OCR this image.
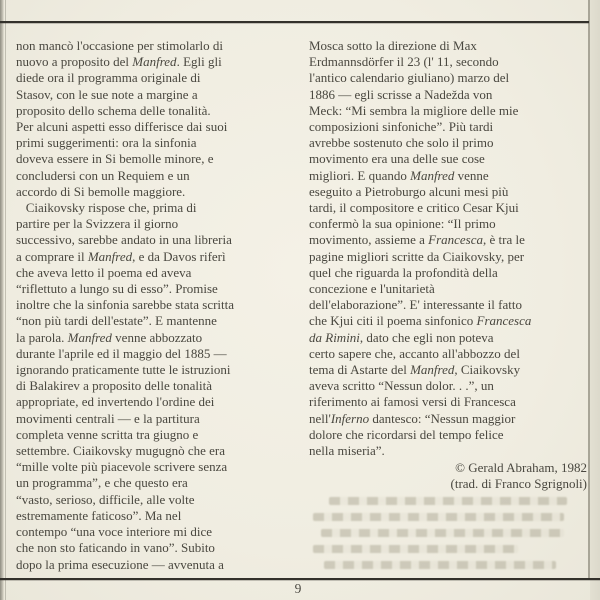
non mancò l'occasione per stimolarlo di
nuovo a proposito del Manfred. Egli gli
diede ora il programma originale di
Stasov, con le sue note a margine a
proposito dello schema delle tonalità.
Per alcuni aspetti esso differisce dai suoi
primi suggerimenti: ora la sinfonia
doveva essere in Si bemolle minore, e
concludersi con un Requiem e un
accordo di Si bemolle maggiore.
Ciaikovsky rispose che, prima di
partire per la Svizzera il giorno
successivo, sarebbe andato in una libreria
a comprare il Manfred, e da Davos riferì
che aveva letto il poema ed aveva
“riflettuto a lungo su di esso”. Promise
inoltre che la sinfonia sarebbe stata scritta
“non più tardi dell'estate”. E mantenne
la parola. Manfred venne abbozzato
durante l'aprile ed il maggio del 1885 —
ignorando praticamente tutte le istruzioni
di Balakirev a proposito delle tonalità
appropriate, ed invertendo l'ordine dei
movimenti centrali — e la partitura
completa venne scritta tra giugno e
settembre. Ciaikovsky mugugnò che era
“mille volte più piacevole scrivere senza
un programma”, e che questo era
“vasto, serioso, difficile, alle volte
estremamente faticoso”. Ma nel
contempo “una voce interiore mi dice
che non sto faticando in vano”. Subito
dopo la prima esecuzione — avvenuta a
Mosca sotto la direzione di Max
Erdmannsdörfer il 23 (l' 11, secondo
l'antico calendario giuliano) marzo del
1886 — egli scrisse a Nadežda von
Meck: “Mi sembra la migliore delle mie
composizioni sinfoniche”. Più tardi
avrebbe sostenuto che solo il primo
movimento era una delle sue cose
migliori. E quando Manfred venne
eseguito a Pietroburgo alcuni mesi più
tardi, il compositore e critico Cesar Kjui
confermò la sua opinione: “Il primo
movimento, assieme a Francesca, è tra le
pagine migliori scritte da Ciaikovsky, per
quel che riguarda la profondità della
concezione e l'unitarietà
dell'elaborazione”. E' interessante il fatto
che Kjui citi il poema sinfonico Francesca
da Rimini, dato che egli non poteva
certo sapere che, accanto all'abbozzo del
tema di Astarte del Manfred, Ciaikovsky
aveva scritto “Nessun dolor. . .”, un
riferimento ai famosi versi di Francesca
nell'Inferno dantesco: “Nessun maggior
dolore che ricordarsi del tempo felice
nella miseria”.
© Gerald Abraham, 1982
(trad. di Franco Sgrignoli)
9
